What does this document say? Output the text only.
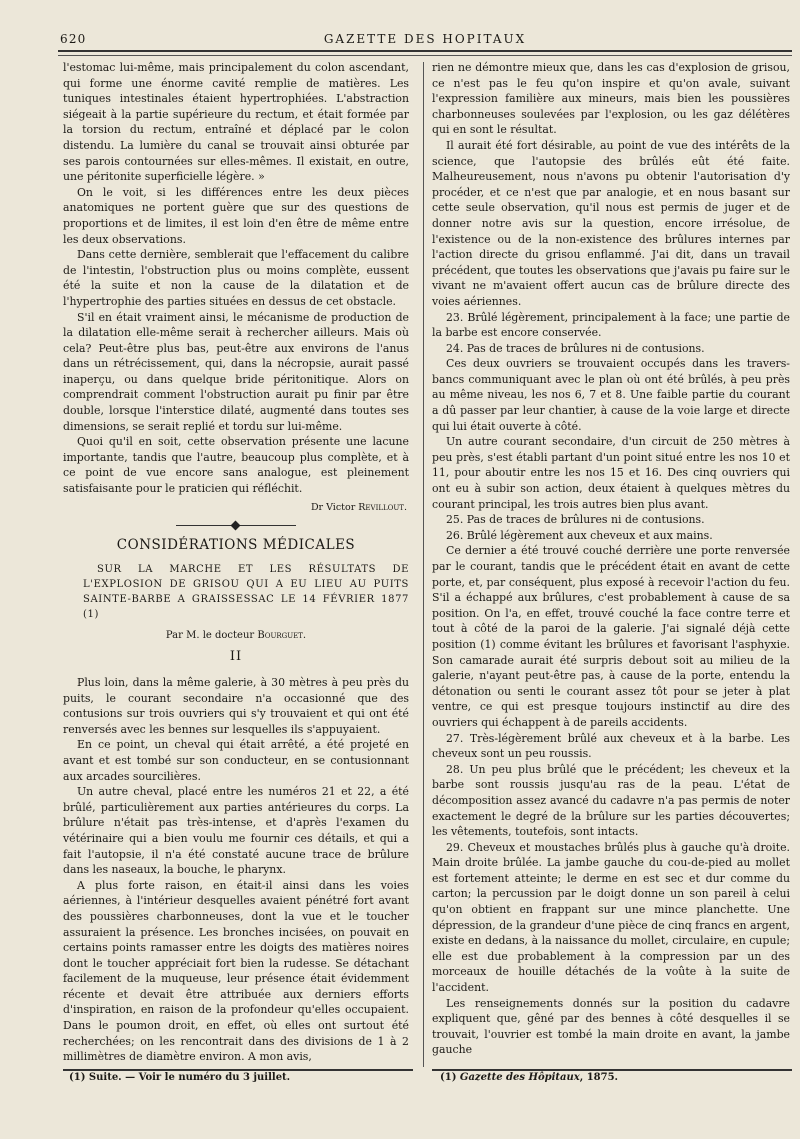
620	GAZETTE DES HOPITAUX

l'estomac lui-même, mais principalement du colon ascendant, qui forme une énorme cavité remplie de matières. Les tuniques intestinales étaient hypertrophiées. L'abstraction siégeait à la partie supérieure du rectum, et était formée par la torsion du rectum, entraîné et déplacé par le colon distendu. La lumière du canal se trouvait ainsi obturée par ses parois contournées sur elles-mêmes. Il existait, en outre, une péritonite superficielle légère. »

On le voit, si les différences entre les deux pièces anatomiques ne portent guère que sur des questions de proportions et de limites, il est loin d'en être de même entre les deux observations.

Dans cette dernière, semblerait que l'effacement du calibre de l'intestin, l'obstruction plus ou moins complète, eussent été la suite et non la cause de la dilatation et de l'hypertrophie des parties situées en dessus de cet obstacle.

S'il en était vraiment ainsi, le mécanisme de production de la dilatation elle-même serait à rechercher ailleurs. Mais où cela? Peut-être plus bas, peut-être aux environs de l'anus dans un rétrécissement, qui, dans la nécropsie, aurait passé inaperçu, ou dans quelque bride péritonitique. Alors on comprendrait comment l'obstruction aurait pu finir par être double, lorsque l'interstice dilaté, augmenté dans toutes ses dimensions, se serait replié et tordu sur lui-même.

Quoi qu'il en soit, cette observation présente une lacune importante, tandis que l'autre, beaucoup plus complète, et à ce point de vue encore sans analogue, est pleinement satisfaisante pour le praticien qui réfléchit.

Dr Victor Revillout.
CONSIDÉRATIONS MÉDICALES

SUR LA MARCHE ET LES RÉSULTATS DE L'EXPLOSION DE GRISOU QUI A EU LIEU AU PUITS SAINTE-BARBE A GRAISSESSAC LE 14 FÉVRIER 1877 (1)

Par M. le docteur Bourguet.
II

Plus loin, dans la même galerie, à 30 mètres à peu près du puits, le courant secondaire n'a occasionné que des contusions sur trois ouvriers qui s'y trouvaient et qui ont été renversés avec les bennes sur lesquelles ils s'appuyaient.

En ce point, un cheval qui était arrêté, a été projeté en avant et est tombé sur son conducteur, en se contusionnant aux arcades sourcilières.

Un autre cheval, placé entre les numéros 21 et 22, a été brûlé, particulièrement aux parties antérieures du corps. La brûlure n'était pas très-intense, et d'après l'examen du vétérinaire qui a bien voulu me fournir ces détails, et qui a fait l'autopsie, il n'a été constaté aucune trace de brûlure dans les naseaux, la bouche, le pharynx.

A plus forte raison, en était-il ainsi dans les voies aériennes, à l'intérieur desquelles avaient pénétré fort avant des poussières charbonneuses, dont la vue et le toucher assuraient la présence. Les bronches incisées, on pouvait en certains points ramasser entre les doigts des matières noires dont le toucher appréciait fort bien la rudesse. Se détachant facilement de la muqueuse, leur présence était évidemment récente et devait être attribuée aux derniers efforts d'inspiration, en raison de la profondeur qu'elles occupaient. Dans le poumon droit, en effet, où elles ont surtout été recherchées; on les rencontrait dans des divisions de 1 à 2 millimètres de diamètre environ. A mon avis,

rien ne démontre mieux que, dans les cas d'explosion de grisou, ce n'est pas le feu qu'on inspire et qu'on avale, suivant l'expression familière aux mineurs, mais bien les poussières charbonneuses soulevées par l'explosion, ou les gaz délétères qui en sont le résultat.

Il aurait été fort désirable, au point de vue des intérêts de la science, que l'autopsie des brûlés eût été faite. Malheureusement, nous n'avons pu obtenir l'autorisation d'y procéder, et ce n'est que par analogie, et en nous basant sur cette seule observation, qu'il nous est permis de juger et de donner notre avis sur la question, encore irrésolue, de l'existence ou de la non-existence des brûlures internes par l'action directe du grisou enflammé. J'ai dit, dans un travail précédent, que toutes les observations que j'avais pu faire sur le vivant ne m'avaient offert aucun cas de brûlure directe des voies aériennes.

23. Brûlé légèrement, principalement à la face; une partie de la barbe est encore conservée.

24. Pas de traces de brûlures ni de contusions.

Ces deux ouvriers se trouvaient occupés dans les travers-bancs communiquant avec le plan où ont été brûlés, à peu près au même niveau, les nos 6, 7 et 8. Une faible partie du courant a dû passer par leur chantier, à cause de la voie large et directe qui lui était ouverte à côté.

Un autre courant secondaire, d'un circuit de 250 mètres à peu près, s'est établi partant d'un point situé entre les nos 10 et 11, pour aboutir entre les nos 15 et 16. Des cinq ouvriers qui ont eu à subir son action, deux étaient à quelques mètres du courant principal, les trois autres bien plus avant.

25. Pas de traces de brûlures ni de contusions.

26. Brûlé légèrement aux cheveux et aux mains.

Ce dernier a été trouvé couché derrière une porte renversée par le courant, tandis que le précédent était en avant de cette porte, et, par conséquent, plus exposé à recevoir l'action du feu. S'il a échappé aux brûlures, c'est probablement à cause de sa position. On l'a, en effet, trouvé couché la face contre terre et tout à côté de la paroi de la galerie. J'ai signalé déjà cette position (1) comme évitant les brûlures et favorisant l'asphyxie. Son camarade aurait été surpris debout soit au milieu de la galerie, n'ayant peut-être pas, à cause de la porte, entendu la détonation ou senti le courant assez tôt pour se jeter à plat ventre, ce qui est presque toujours instinctif au dire des ouvriers qui échappent à de pareils accidents.

27. Très-légèrement brûlé aux cheveux et à la barbe. Les cheveux sont un peu roussis.

28. Un peu plus brûlé que le précédent; les cheveux et la barbe sont roussis jusqu'au ras de la peau. L'état de décomposition assez avancé du cadavre n'a pas permis de noter exactement le degré de la brûlure sur les parties découvertes; les vêtements, toutefois, sont intacts.

29. Cheveux et moustaches brûlés plus à gauche qu'à droite. Main droite brûlée. La jambe gauche du cou-de-pied au mollet est fortement atteinte; le derme en est sec et dur comme du carton; la percussion par le doigt donne un son pareil à celui qu'on obtient en frappant sur une mince planchette. Une dépression, de la grandeur d'une pièce de cinq francs en argent, existe en dedans, à la naissance du mollet, circulaire, en cupule; elle est due probablement à la compression par un des morceaux de houille détachés de la voûte à la suite de l'accident.

Les renseignements donnés sur la position du cadavre expliquent que, gêné par des bennes à côté desquelles il se trouvait, l'ouvrier est tombé la main droite en avant, la jambe gauche

(1) Suite. — Voir le numéro du 3 juillet.	(1) Gazette des Hôpitaux, 1875.
